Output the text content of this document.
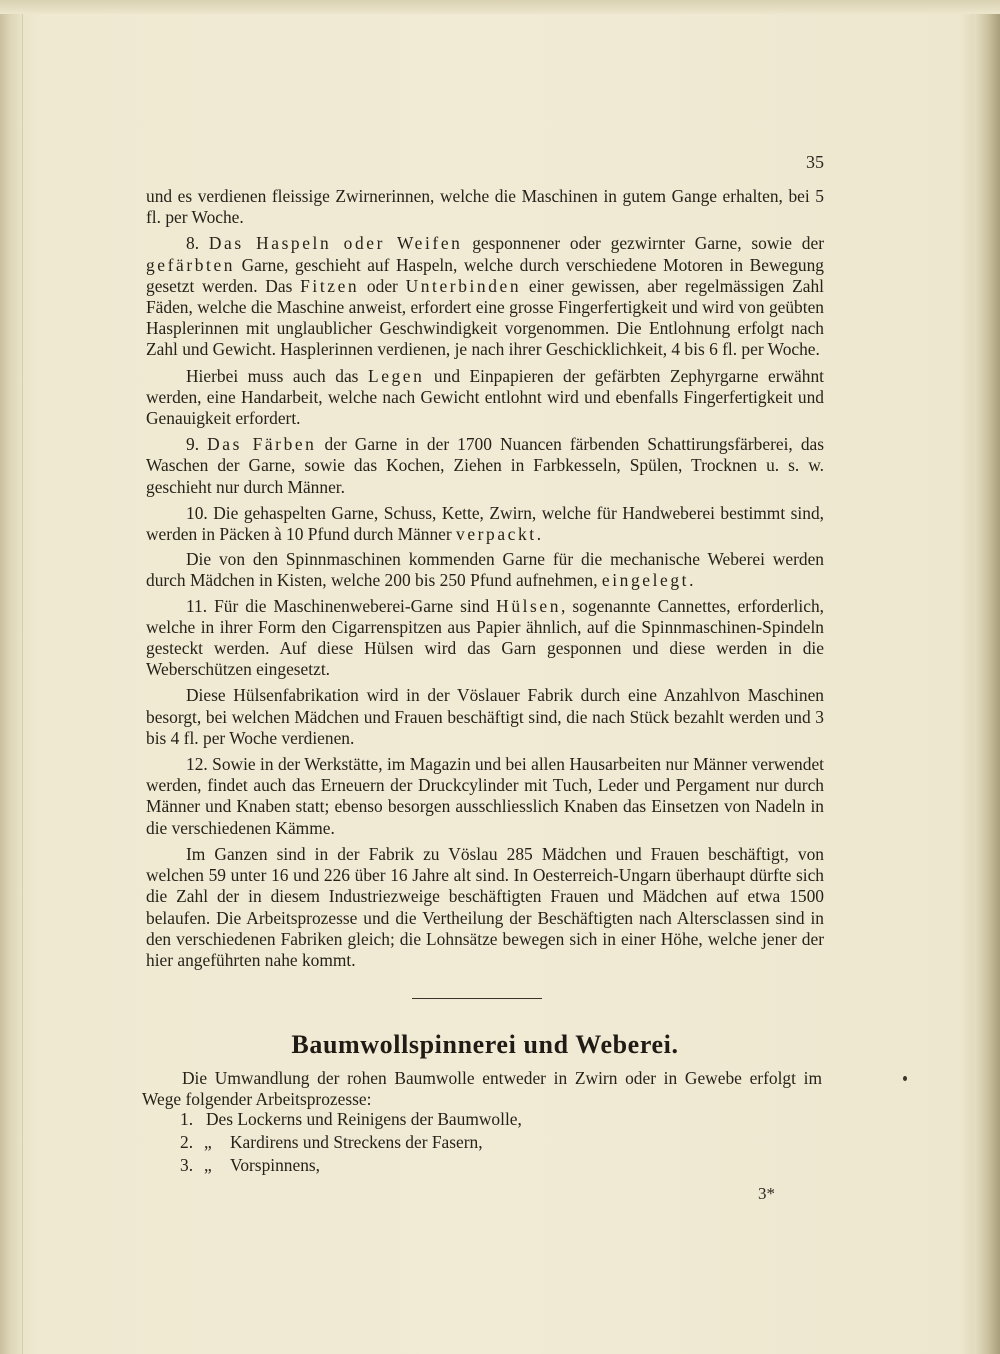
35

und es verdienen fleissige Zwirnerinnen, welche die Maschinen in gutem Gange erhalten, bei 5 fl. per Woche.

8. Das Haspeln oder Weifen gesponnener oder gezwirnter Garne, sowie der gefärbten Garne, geschieht auf Haspeln, welche durch verschiedene Motoren in Bewegung gesetzt werden. Das Fitzen oder Unterbinden einer gewissen, aber regelmässigen Zahl Fäden, welche die Maschine anweist, erfordert eine grosse Fingerfertigkeit und wird von geübten Hasplerinnen mit unglaublicher Geschwindigkeit vorgenommen. Die Entlohnung erfolgt nach Zahl und Gewicht. Hasplerinnen verdienen, je nach ihrer Geschicklichkeit, 4 bis 6 fl. per Woche.

Hierbei muss auch das Legen und Einpapieren der gefärbten Zephyrgarne erwähnt werden, eine Handarbeit, welche nach Gewicht entlohnt wird und ebenfalls Fingerfertigkeit und Genauigkeit erfordert.

9. Das Färben der Garne in der 1700 Nuancen färbenden Schattirungsfärberei, das Waschen der Garne, sowie das Kochen, Ziehen in Farbkesseln, Spülen, Trocknen u. s. w. geschieht nur durch Männer.

10. Die gehaspelten Garne, Schuss, Kette, Zwirn, welche für Handweberei bestimmt sind, werden in Päcken à 10 Pfund durch Männer verpackt.

Die von den Spinnmaschinen kommenden Garne für die mechanische Weberei werden durch Mädchen in Kisten, welche 200 bis 250 Pfund aufnehmen, eingelegt.

11. Für die Maschinenweberei-Garne sind Hülsen, sogenannte Cannettes, erforderlich, welche in ihrer Form den Cigarrenspitzen aus Papier ähnlich, auf die Spinnmaschinen-Spindeln gesteckt werden. Auf diese Hülsen wird das Garn gesponnen und diese werden in die Weberschützen eingesetzt.

Diese Hülsenfabrikation wird in der Vöslauer Fabrik durch eine Anzahlvon Maschinen besorgt, bei welchen Mädchen und Frauen beschäftigt sind, die nach Stück bezahlt werden und 3 bis 4 fl. per Woche verdienen.

12. Sowie in der Werkstätte, im Magazin und bei allen Hausarbeiten nur Männer verwendet werden, findet auch das Erneuern der Druckcylinder mit Tuch, Leder und Pergament nur durch Männer und Knaben statt; ebenso besorgen ausschliesslich Knaben das Einsetzen von Nadeln in die verschiedenen Kämme.

Im Ganzen sind in der Fabrik zu Vöslau 285 Mädchen und Frauen beschäftigt, von welchen 59 unter 16 und 226 über 16 Jahre alt sind. In Oesterreich-Ungarn überhaupt dürfte sich die Zahl der in diesem Industriezweige beschäftigten Frauen und Mädchen auf etwa 1500 belaufen. Die Arbeitsprozesse und die Vertheilung der Beschäftigten nach Altersclassen sind in den verschiedenen Fabriken gleich; die Lohnsätze bewegen sich in einer Höhe, welche jener der hier angeführten nahe kommt.

Baumwollspinnerei und Weberei.

Die Umwandlung der rohen Baumwolle entweder in Zwirn oder in Gewebe erfolgt im Wege folgender Arbeitsprozesse:

1. Des Lockerns und Reinigens der Baumwolle,
2. „	Kardirens und Streckens der Fasern,
3. „	Vorspinnens,
3*
